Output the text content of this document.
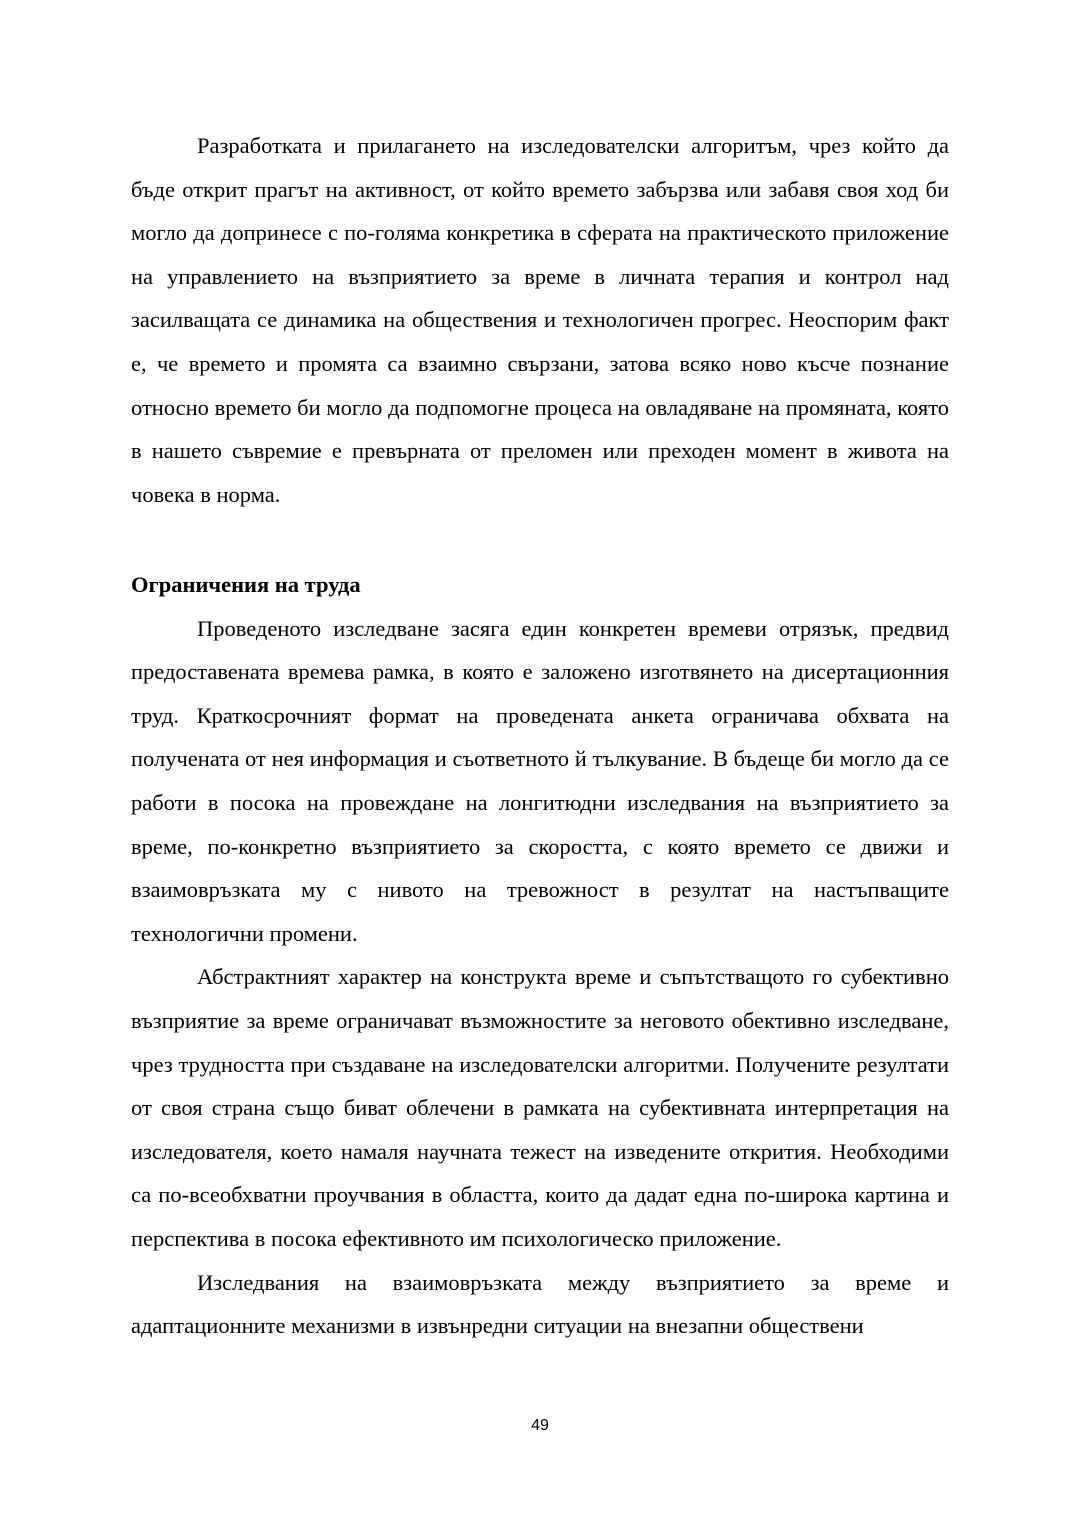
Разработката и прилагането на изследователски алгоритъм, чрез който да бъде открит прагът на активност, от който времето забързва или забавя своя ход би могло да допринесе с по-голяма конкретика в сферата на практическото приложение на управлението на възприятието за време в личната терапия и контрол над засилващата се динамика на обществения и технологичен прогрес. Неоспорим факт е, че времето и промята са взаимно свързани, затова всяко ново късче познание относно времето би могло да подпомогне процеса на овладяване на промяната, която в нашето съвремие е превърната от преломен или преходен момент в живота на човека в норма.

Ограничения на труда

Проведеното изследване засяга един конкретен времеви отрязък, предвид предоставената времева рамка, в която е заложено изготвянето на дисертационния труд. Краткосрочният формат на проведената анкета ограничава обхвата на получената от нея информация и съответното й тълкувание. В бъдеще би могло да се работи в посока на провеждане на лонгитюдни изследвания на възприятието за време, по-конкретно възприятието за скоростта, с която времето се движи и взаимовръзката му с нивото на тревожност в резултат на настъпващите технологични промени.

Абстрактният характер на конструкта време и съпътстващото го субективно възприятие за време ограничават възможностите за неговото обективно изследване, чрез трудността при създаване на изследователски алгоритми. Получените резултати от своя страна също биват облечени в рамката на субективната интерпретация на изследователя, което намаля научната тежест на изведените открития. Необходими са по-всеобхватни проучвания в областта, които да дадат една по-широка картина и перспектива в посока ефективното им психологическо приложение.

Изследвания на взаимовръзката между възприятието за време и адаптационните механизми в извънредни ситуации на внезапни обществени

49
